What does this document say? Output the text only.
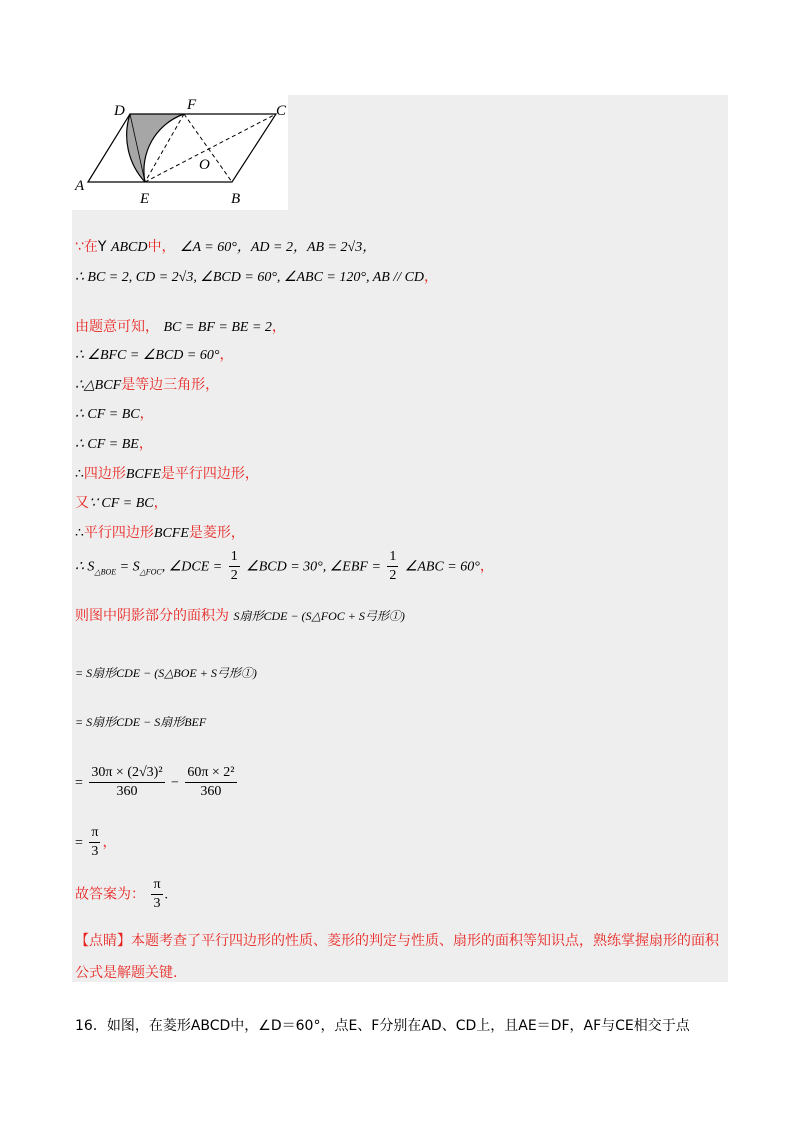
A
B
C
D
E
F
O
∵在Y ABCD中， ∠A = 60°，AD = 2，AB = 2√3，
∴ BC = 2, CD = 2√3, ∠BCD = 60°, ∠ABC = 120°, AB // CD，
由题意可知， BC = BF = BE = 2，
∴ ∠BFC = ∠BCD = 60°，
∴△BCF是等边三角形，
∴ CF = BC，
∴ CF = BE，
∴四边形BCFE是平行四边形，
又∵ CF = BC，
∴平行四边形BCFE是菱形，
∴ $S_{\triangle BOE} = S_{\triangle FOC}$, ∠DCE = $\frac{1}{2}$ ∠BCD = 30°, ∠EBF = $\frac{1}{2}$ ∠ABC = 60°，
则图中阴影部分的面积为 S扇形CDE − (S△FOC + S弓形①)
= S扇形CDE − (S△BOE + S弓形①)
= S扇形CDE − S扇形BEF
= $\frac{\text{30π × (2√3)²}}{360} - \frac{\text{60π × 2²}}{360}$
= $\frac{\pi}{3}$ ，
故答案为： $\frac{\pi}{3}$ .
【点睛】本题考查了平行四边形的性质、菱形的判定与性质、扇形的面积等知识点，熟练掌握扇形的面积
公式是解题关键.
16．如图，在菱形ABCD中，∠D＝60°，点E、F分别在AD、CD上，且AE＝DF，AF与CE相交于点
